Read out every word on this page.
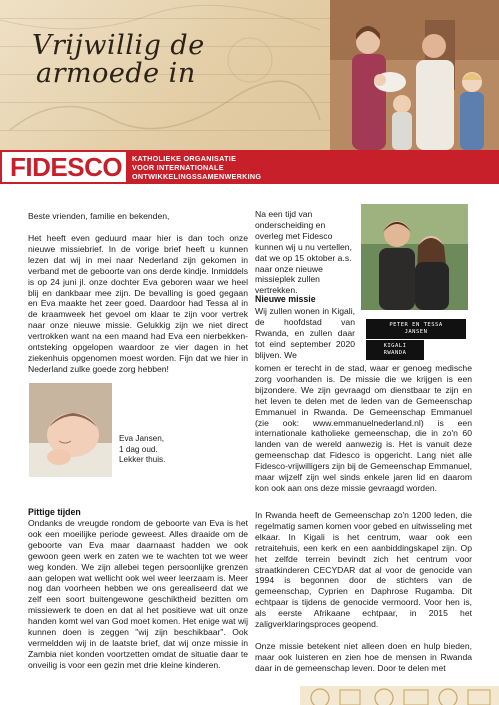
Vrijwillig de
armoede in
FIDESCO KATHOLIEKE ORGANISATIE
VOOR INTERNATIONALE
ONTWIKKELINGSSAMENWERKING
Beste vrienden, familie en bekenden,

Het heeft even geduurd maar hier is dan toch onze nieuwe missiebrief. In de vorige brief heeft u kunnen lezen dat wij in mei naar Nederland zijn gekomen in verband met de geboorte van ons derde kindje. Inmiddels is op 24 juni jl. onze dochter Eva geboren waar we heel blij en dankbaar mee zijn. De bevalling is goed gegaan en Eva maakte het zeer goed. Daardoor had Tessa al in de kraamweek het gevoel om klaar te zijn voor vertrek naar onze nieuwe missie. Gelukkig zijn we niet direct vertrokken want na een maand had Eva een nierbekken-ontsteking opgelopen waardoor ze vier dagen in het ziekenhuis opgenomen moest worden. Fijn dat we hier in Nederland zulke goede zorg hebben!

Eva Jansen,
1 dag oud.
Lekker thuis.
Pittige tijden

Ondanks de vreugde rondom de geboorte van Eva is het ook een moeilijke periode geweest. Alles draaide om de geboorte van Eva maar daarnaast hadden we ook gewoon geen werk en zaten we te wachten tot we weer weg konden. We zijn allebei tegen persoonlijke grenzen aan gelopen wat wellicht ook wel weer leerzaam is. Meer nog dan voorheen hebben we ons gerealiseerd dat we zelf een soort buitengewone geschiktheid bezitten om missiewerk te doen en dat al het positieve wat uit onze handen komt wel van God moet komen. Het enige wat wij kunnen doen is zeggen "wij zijn beschikbaar". Ook vermeldden wij in de laatste brief, dat wij onze missie in Zambia niet konden voortzetten omdat de situatie daar te onveilig is voor een gezin met drie kleine kinderen.

Na een tijd van onderscheiding en overleg met Fidesco kunnen wij u nu vertellen, dat we op 15 oktober a.s. naar onze nieuwe missieplek zullen vertrekken.

PETER EN TESSA
JANSEN
KIGALI
RWANDA
Nieuwe missie

Wij zullen wonen in Kigali, de hoofdstad van Rwanda, en zullen daar tot eind september 2020 blijven. We

komen er terecht in de stad, waar er genoeg medische zorg voorhanden is. De missie die we krijgen is een bijzondere. We zijn gevraagd om dienstbaar te zijn en het leven te delen met de leden van de Gemeenschap Emmanuel in Rwanda. De Gemeenschap Emmanuel (zie ook: www.emmanuelnederland.nl) is een internationale katholieke gemeenschap, die in zo'n 60 landen van de wereld aanwezig is. Het is vanuit deze gemeenschap dat Fidesco is opgericht. Lang niet alle Fidesco-vrijwilligers zijn bij de Gemeenschap Emmanuel, maar wijzelf zijn wel sinds enkele jaren lid en daarom kon ook aan ons deze missie gevraagd worden.

In Rwanda heeft de Gemeenschap zo'n 1200 leden, die regelmatig samen komen voor gebed en uitwisseling met elkaar. In Kigali is het centrum, waar ook een retraitehuis, een kerk en een aanbiddingskapel zijn. Op het zelfde terrein bevindt zich het centrum voor straatkinderen CECYDAR dat al voor de genocide van 1994 is begonnen door de stichters van de gemeenschap, Cyprien en Daphrose Rugamba. Dit echtpaar is tijdens de genocide vermoord. Voor hen is, als eerste Afrikaane echtpaar, in 2015 het zaligverklaringsproces geopend.

Onze missie betekent niet alleen doen en hulp bieden, maar ook luisteren en zien hoe de mensen in Rwanda daar in de gemeenschap leven. Door te delen met
